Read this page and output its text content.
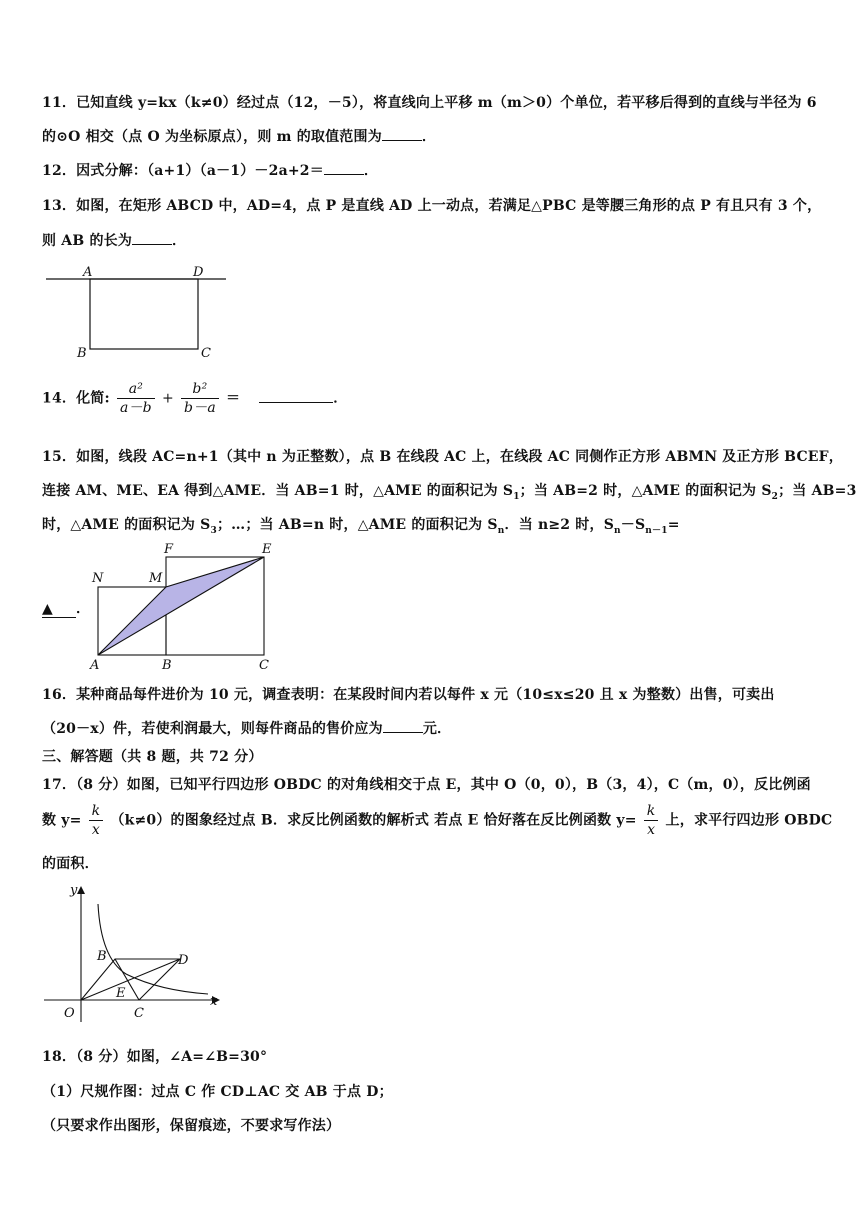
11．已知直线 y=kx（k≠0）经过点（12，－5），将直线向上平移 m（m＞0）个单位，若平移后得到的直线与半径为 6
的⊙O 相交（点 O 为坐标原点），则 m 的取值范围为	．
12．因式分解：（a+1）（a－1）－2a+2＝	．
13．如图，在矩形 ABCD 中，AD=4，点 P 是直线 AD 上一动点，若满足△PBC 是等腰三角形的点 P 有且只有 3 个，
则 AB 的长为	．
A	D
B	C
14．化简: $\frac{\text{a²}}{a-b} + \frac{\text{b²}}{b-a}$ ＝	．
15．如图，线段 AC=n+1（其中 n 为正整数），点 B 在线段 AC 上，在线段 AC 同侧作正方形 ABMN 及正方形 BCEF，
连接 AM、ME、EA 得到△AME．当 AB=1 时，△AME 的面积记为 $S_1$；当 AB=2 时，△AME 的面积记为 $S_2$；当 AB=3
时，△AME 的面积记为 $S_3$；…；当 AB=n 时，△AME 的面积记为 $S_n$．当 n≥2 时，$S_n-S_{n-1}=$
▲ ．
F	E
N	M
A	B	C
16．某种商品每件进价为 10 元，调查表明：在某段时间内若以每件 x 元（10≤x≤20 且 x 为整数）出售，可卖出
（20－x）件，若使利润最大，则每件商品的售价应为	元．
三、解答题（共 8 题，共 72 分）
17．（8 分）如图，已知平行四边形 OBDC 的对角线相交于点 E，其中 O（0，0），B（3，4），C（m，0），反比例函
数 $y= \frac{k}{x} (k\ne 0)$的图象经过点 B．求反比例函数的解析式 若点 E 恰好落在反比例函数 $y= \frac{k}{x}$ 上，求平行四边形 OBDC
的面积．
y
x
O
B	D
E
C
18．（8 分）如图，∠A=∠B=30°
（1）尺规作图：过点 C 作 CD⊥AC 交 AB 于点 D；
（只要求作出图形，保留痕迹，不要求写作法）
